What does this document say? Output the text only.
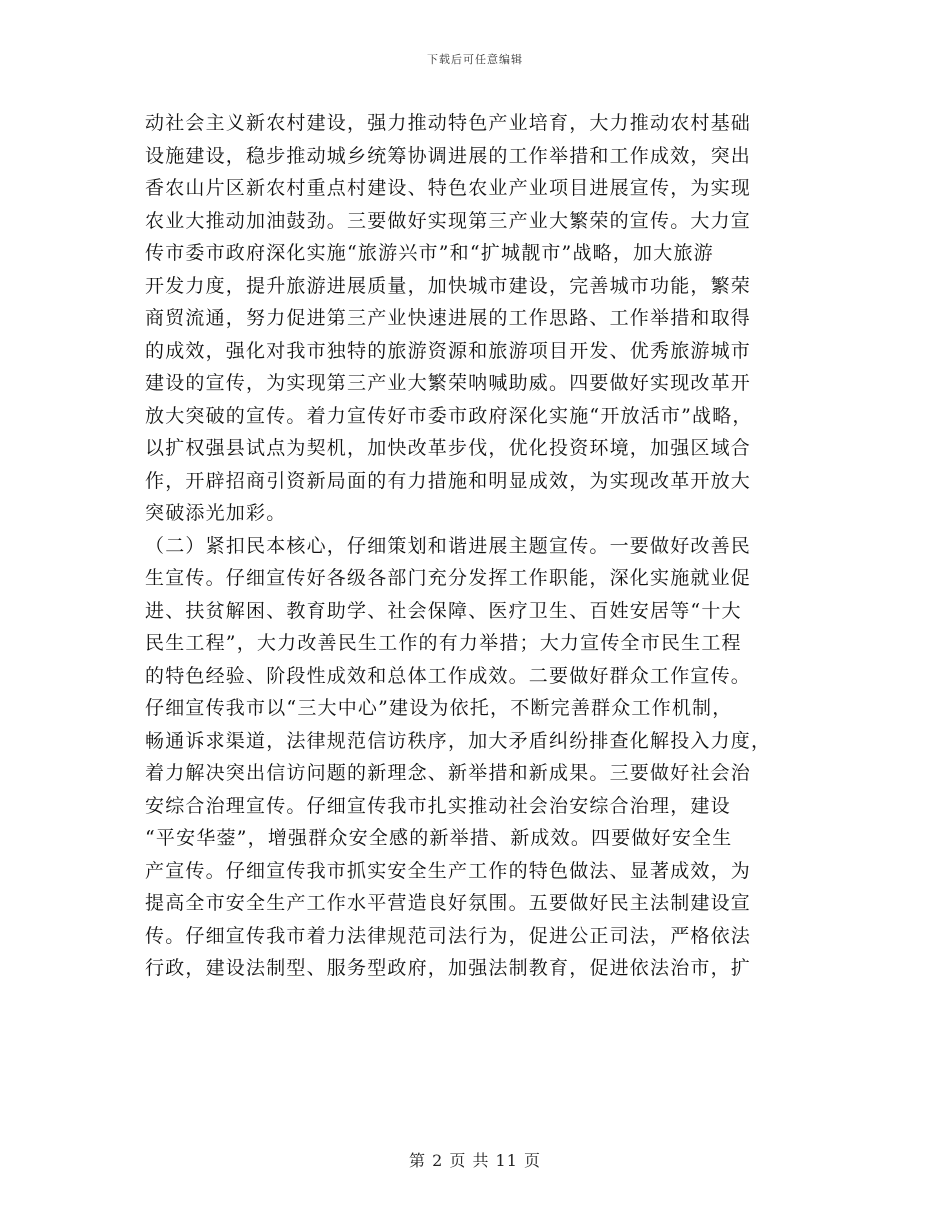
下载后可任意编辑
动社会主义新农村建设，强力推动特色产业培育，大力推动农村基础
设施建设，稳步推动城乡统筹协调进展的工作举措和工作成效，突出
香农山片区新农村重点村建设、特色农业产业项目进展宣传，为实现
农业大推动加油鼓劲。三要做好实现第三产业大繁荣的宣传。大力宣
传市委市政府深化实施“旅游兴市”和“扩城靓市”战略，加大旅游
开发力度，提升旅游进展质量，加快城市建设，完善城市功能，繁荣
商贸流通，努力促进第三产业快速进展的工作思路、工作举措和取得
的成效，强化对我市独特的旅游资源和旅游项目开发、优秀旅游城市
建设的宣传，为实现第三产业大繁荣呐喊助威。四要做好实现改革开
放大突破的宣传。着力宣传好市委市政府深化实施“开放活市”战略，
以扩权强县试点为契机，加快改革步伐，优化投资环境，加强区域合
作，开辟招商引资新局面的有力措施和明显成效，为实现改革开放大
突破添光加彩。
（二）紧扣民本核心，仔细策划和谐进展主题宣传。一要做好改善民
生宣传。仔细宣传好各级各部门充分发挥工作职能，深化实施就业促
进、扶贫解困、教育助学、社会保障、医疗卫生、百姓安居等“十大
民生工程”，大力改善民生工作的有力举措；大力宣传全市民生工程
的特色经验、阶段性成效和总体工作成效。二要做好群众工作宣传。
仔细宣传我市以“三大中心”建设为依托，不断完善群众工作机制，
畅通诉求渠道，法律规范信访秩序，加大矛盾纠纷排查化解投入力度，
着力解决突出信访问题的新理念、新举措和新成果。三要做好社会治
安综合治理宣传。仔细宣传我市扎实推动社会治安综合治理，建设
“平安华蓥”，增强群众安全感的新举措、新成效。四要做好安全生
产宣传。仔细宣传我市抓实安全生产工作的特色做法、显著成效，为
提高全市安全生产工作水平营造良好氛围。五要做好民主法制建设宣
传。仔细宣传我市着力法律规范司法行为，促进公正司法，严格依法
行政，建设法制型、服务型政府，加强法制教育，促进依法治市，扩
第 2 页 共 11 页
